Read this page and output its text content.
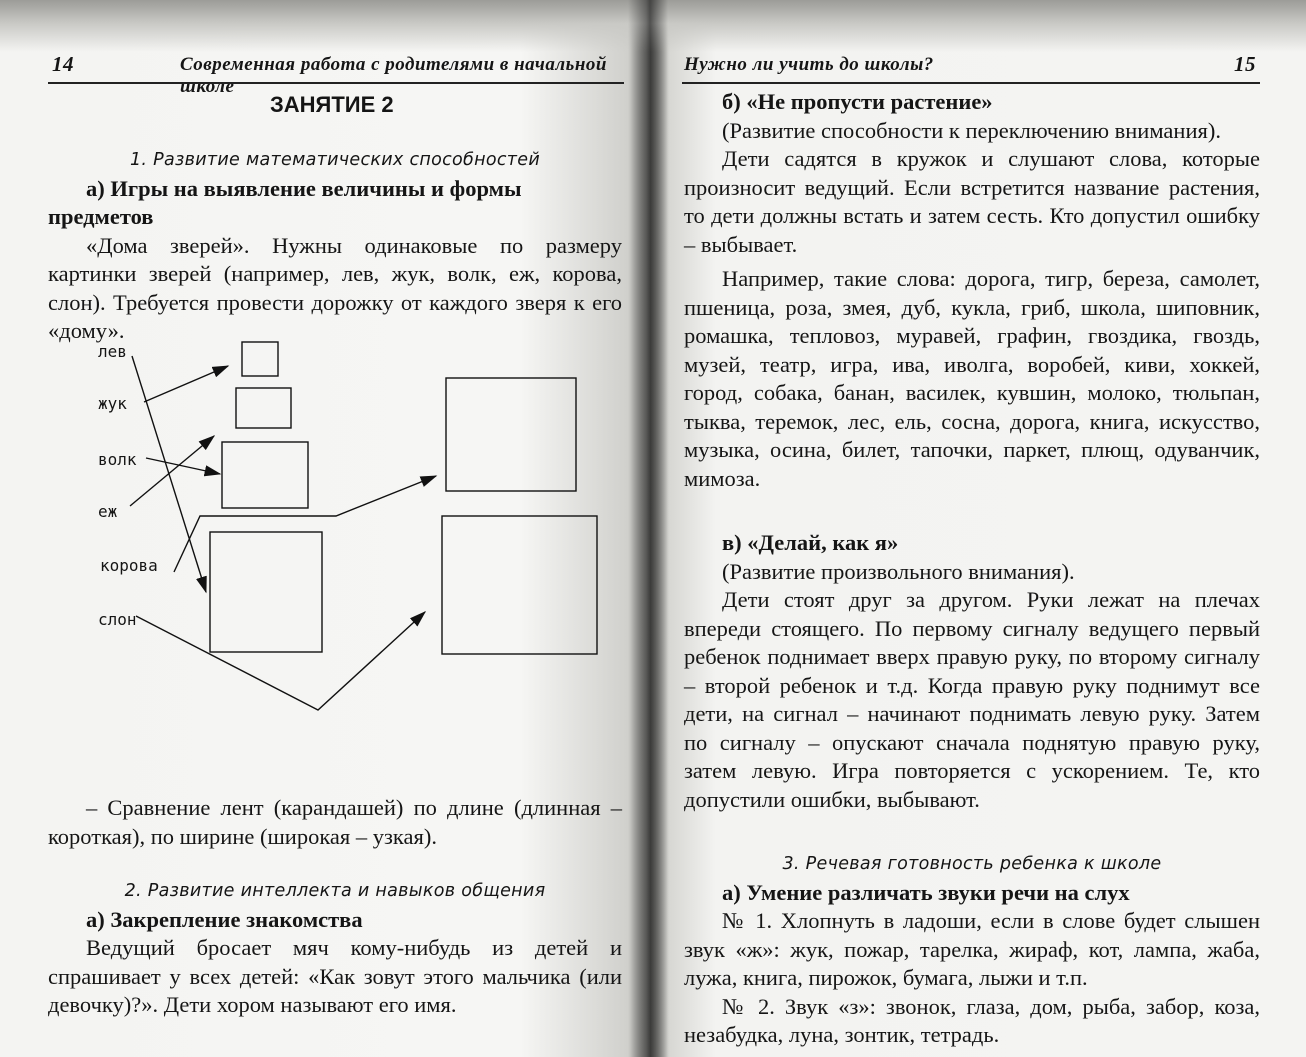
14	Современная работа с родителями в начальной школе
ЗАНЯТИЕ 2

1. Развитие математических способностей

а) Игры на выявление величины и формы предметов

«Дома зверей». Нужны одинаковые по размеру картинки зверей (например, лев, жук, волк, еж, корова, слон). Требуется провести дорожку от каждого зверя к его «дому».

лев
жук
волк
еж
корова
слон

– Сравнение лент (карандашей) по длине (длинная – короткая), по ширине (широкая – узкая).

2. Развитие интеллекта и навыков общения

а) Закрепление знакомства

Ведущий бросает мяч кому-нибудь из детей и спрашивает у всех детей: «Как зовут этого мальчика (или девочку)?». Дети хором называют его имя.

Нужно ли учить до школы?	15

б) «Не пропусти растение»

(Развитие способности к переключению внимания).

Дети садятся в кружок и слушают слова, которые произносит ведущий. Если встретится название растения, то дети должны встать и затем сесть. Кто допустил ошибку – выбывает.

Например, такие слова: дорога, тигр, береза, самолет, пшеница, роза, змея, дуб, кукла, гриб, школа, шиповник, ромашка, тепловоз, муравей, графин, гвоздика, гвоздь, музей, театр, игра, ива, иволга, воробей, киви, хоккей, город, собака, банан, василек, кувшин, молоко, тюльпан, тыква, теремок, лес, ель, сосна, дорога, книга, искусство, музыка, осина, билет, тапочки, паркет, плющ, одуванчик, мимоза.

в) «Делай, как я»

(Развитие произвольного внимания).

Дети стоят друг за другом. Руки лежат на плечах впереди стоящего. По первому сигналу ведущего первый ребенок поднимает вверх правую руку, по второму сигналу – второй ребенок и т.д. Когда правую руку поднимут все дети, на сигнал – начинают поднимать левую руку. Затем по сигналу – опускают сначала поднятую правую руку, затем левую. Игра повторяется с ускорением. Те, кто допустили ошибки, выбывают.

3. Речевая готовность ребенка к школе

а) Умение различать звуки речи на слух

№ 1. Хлопнуть в ладоши, если в слове будет слышен звук «ж»: жук, пожар, тарелка, жираф, кот, лампа, жаба, лужа, книга, пирожок, бумага, лыжи и т.п.

№ 2. Звук «з»: звонок, глаза, дом, рыба, забор, коза, незабудка, луна, зонтик, тетрадь.
